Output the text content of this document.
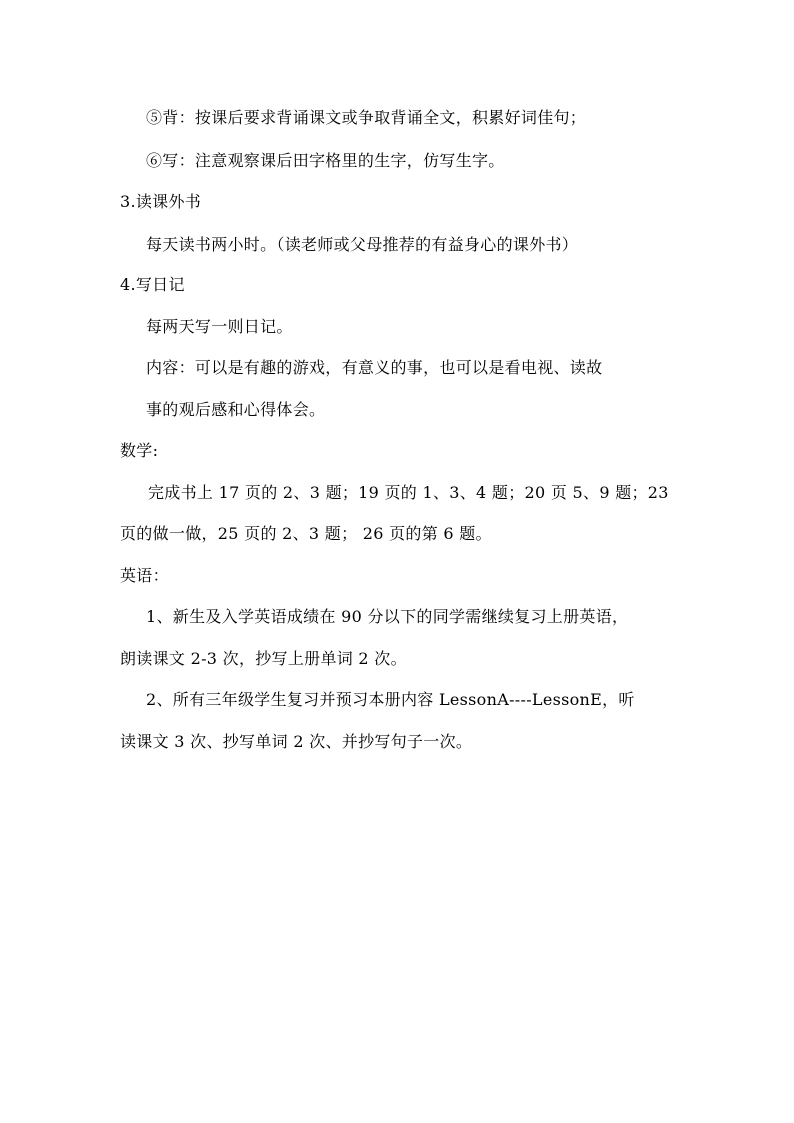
⑤背：按课后要求背诵课文或争取背诵全文，积累好词佳句；
⑥写：注意观察课后田字格里的生字，仿写生字。
3.读课外书
每天读书两小时。（读老师或父母推荐的有益身心的课外书）
4.写日记
每两天写一则日记。
内容：可以是有趣的游戏，有意义的事，也可以是看电视、读故
事的观后感和心得体会。
数学:
完成书上 17 页的 2、3 题；19 页的 1、3、4 题；20 页 5、9 题；23
页的做一做，25 页的 2、3 题； 26 页的第 6 题。
英语：
1、新生及入学英语成绩在 90 分以下的同学需继续复习上册英语，
朗读课文 2-3 次，抄写上册单词 2 次。
2、所有三年级学生复习并预习本册内容 LessonA----LessonE，听
读课文 3 次、抄写单词 2 次、并抄写句子一次。
